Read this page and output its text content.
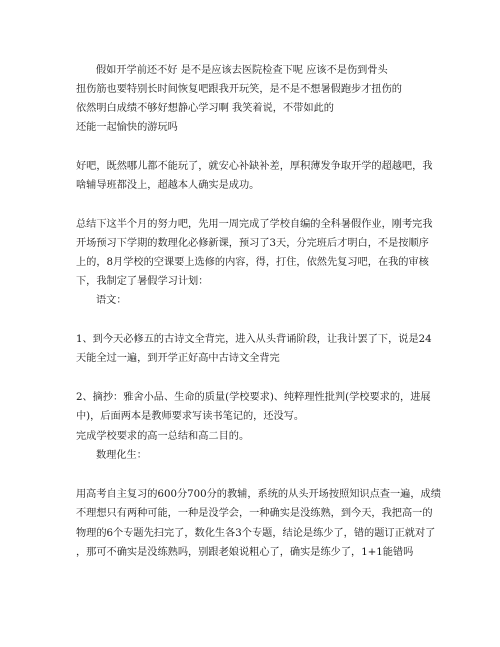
假如开学前还不好 是不是应该去医院检查下呢 应该不是伤到骨头
扭伤筋也要特别长时间恢复吧跟我开玩笑，是不是不想暑假跑步才扭伤的
依然明白成绩不够好想静心学习啊 我笑着说，不带如此的
还能一起愉快的游玩吗
好吧，既然哪儿都不能玩了，就安心补缺补差，厚积薄发争取开学的超越吧，我
啥辅导班都没上，超越本人确实是成功。
总结下这半个月的努力吧，先用一周完成了学校自编的全科暑假作业，刚考完我
开场预习下学期的数理化必修新课，预习了3天，分完班后才明白，不是按顺序
上的，8月学校的空课要上选修的内容，得，打住，依然先复习吧，在我的审核
下，我制定了暑假学习计划：
语文：
1、到今天必修五的古诗文全背完，进入从头背诵阶段，让我计罢了下，说是24
天能全过一遍，到开学正好高中古诗文全背完
2、摘抄：雅舍小品、生命的质量(学校要求)、纯粹理性批判(学校要求的，进展
中)，后面两本是教师要求写读书笔记的，还没写。
完成学校要求的高一总结和高二目的。
数理化生：
用高考自主复习的600分700分的教辅，系统的从头开场按照知识点查一遍，成绩
不理想只有两种可能，一种是没学会，一种确实是没练熟，到今天，我把高一的
物理的6个专题先扫完了，数化生各3个专题，结论是练少了，错的题订正就对了
，那可不确实是没练熟吗，别跟老娘说粗心了，确实是练少了，1+1能错吗
